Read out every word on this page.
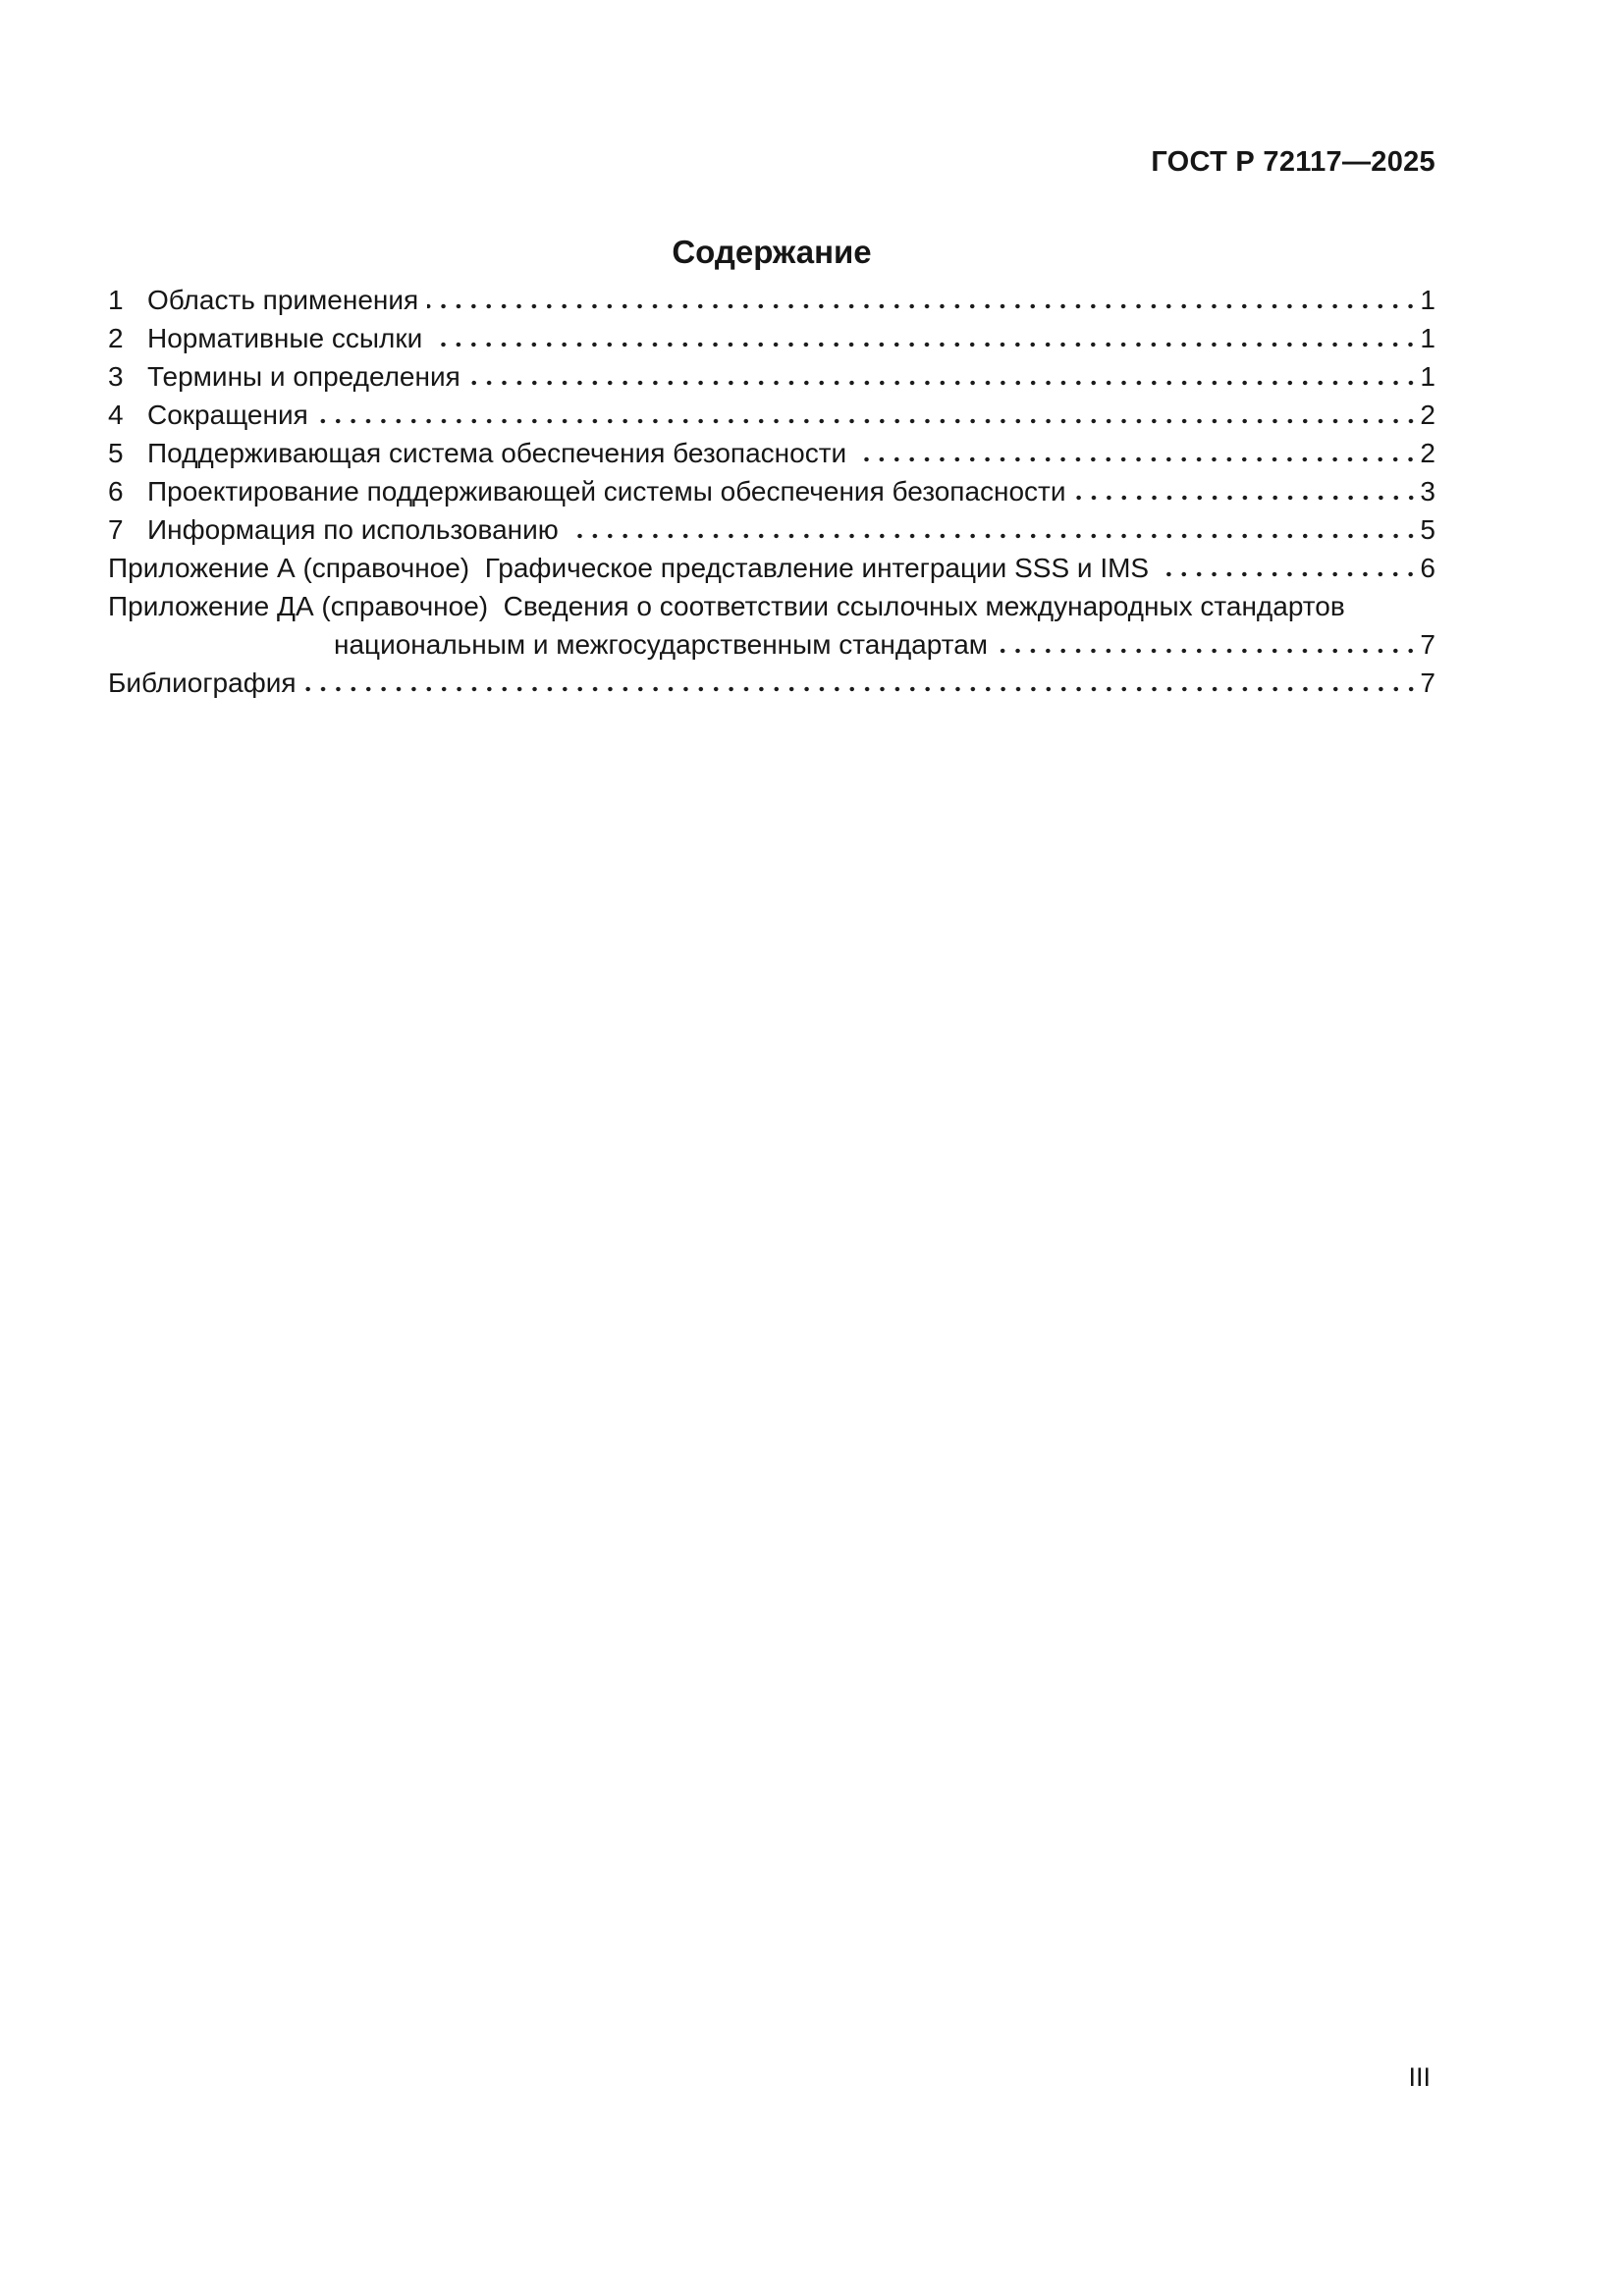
ГОСТ Р 72117—2025
Содержание
1 Область применения	1
2 Нормативные ссылки	1
3 Термины и определения	1
4 Сокращения	2
5 Поддерживающая система обеспечения безопасности	2
6 Проектирование поддерживающей системы обеспечения безопасности	3
7 Информация по использованию	5
Приложение А (справочное)  Графическое представление интеграции SSS и IMS	6
Приложение ДА (справочное)  Сведения о соответствии ссылочных международных стандартов
национальным и межгосударственным стандартам	7
Библиография	7
III
